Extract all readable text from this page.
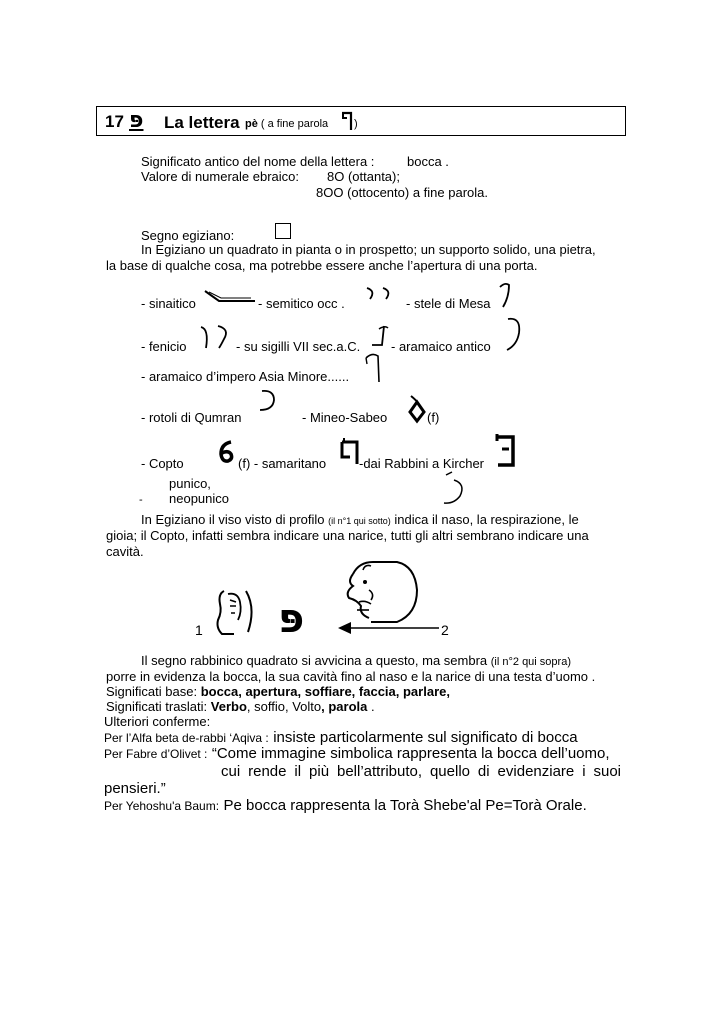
17 פּ La lettera pè ( a fine parola )
Significato antico del nome della lettera :	bocca .
Valore di numerale ebraico: 8O (ottanta);
8OO (ottocento) a fine parola.
Segno egiziano:
In Egiziano un quadrato in pianta o in prospetto; un supporto solido, una pietra,
la base di qualche cosa, ma potrebbe essere anche l’apertura di una porta.
- sinaitico	- semitico occ .	- stele di Mesa
- fenicio	- su sigilli VII sec.a.C. - aramaico antico
- aramaico d’impero Asia Minore......
- rotoli di Qumran	- Mineo-Sabeo	(f)
- Copto	(f) - samaritano	-dai Rabbini a Kircher
punico,
neopunico
-
In Egiziano il viso visto di profilo (il n°1 qui sotto) indica il naso, la respirazione, le
gioia; il Copto, infatti sembra indicare una narice, tutti gli altri sembrano indicare una
cavità.
1 פּ	2
Il segno rabbinico quadrato si avvicina a questo, ma sembra (il n°2 qui sopra)
porre in evidenza la bocca, la sua cavità fino al naso e la narice di una testa d’uomo .
Significati base: bocca, apertura, soffiare, faccia, parlare,
Significati traslati: Verbo, soffio, Volto, parola .
Ulteriori conferme:
Per l’Alfa beta de-rabbi ‘Aqiva : insiste particolarmente sul significato di bocca
Per Fabre d’Olivet : “Come immagine simbolica rappresenta la bocca dell’uomo,
cui rende il più bell’attributo, quello di evidenziare i suoi
pensieri.”
Per Yehoshu'a Baum: Pe bocca rappresenta la Torà Shebe'al Pe=Torà Orale.
